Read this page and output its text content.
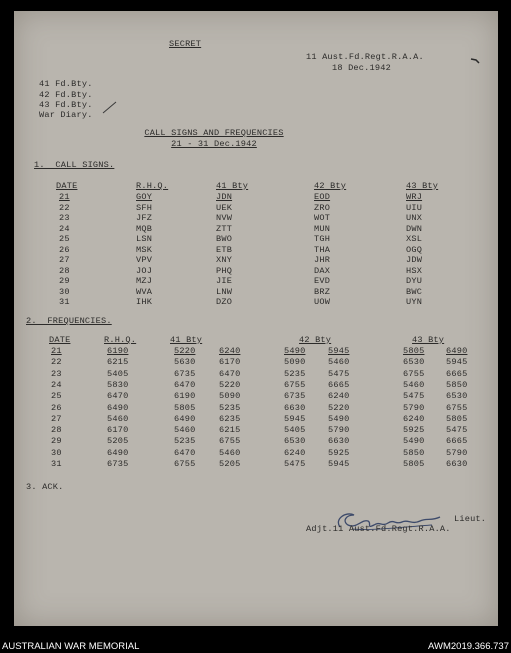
SECRET
11 Aust.Fd.Regt.R.A.A.
18 Dec.1942
41 Fd.Bty.
42 Fd.Bty.
43 Fd.Bty.
War Diary.
CALL SIGNS AND FREQUENCIES
21 - 31 Dec.1942
1.  CALL SIGNS.
2.  FREQUENCIES.
3. ACK.
Lieut.
Adjt.11 Aust.Fd.Regt.R.A.A.
DATE	R.H.Q.	41 Bty	42 Bty	43 Bty
21	GOY	JDN	EOD	WRJ
22	SFH	UEK	ZRO	UIU
23	JFZ	NVW	WOT	UNX
24	MQB	ZTT	MUN	DWN
25	LSN	BWO	TGH	XSL
26	MSK	ETB	THA	OGQ
27	VPV	XNY	JHR	JDW
28	JOJ	PHQ	DAX	HSX
29	MZJ	JIE	EVD	DYU
30	WVA	LNW	BRZ	BWC
31	IHK	DZO	UOW	UYN
DATE	R.H.Q.	41 Bty	42 Bty	43 Bty
21	6190	5220	6240	5490	5945	5805	6490
22	6215	5630	6170	5090	5460	6530	5945
23	5405	6735	6470	5235	5475	6755	6665
24	5830	6470	5220	6755	6665	5460	5850
25	6470	6190	5090	6735	6240	5475	6530
26	6490	5805	5235	6630	5220	5790	6755
27	5460	6490	6235	5945	5490	6240	5805
28	6170	5460	6215	5405	5790	5925	5475
29	5205	5235	6755	6530	6630	5490	6665
30	6490	6470	5460	6240	5925	5850	5790
31	6735	6755	5205	5475	5945	5805	6630
AUSTRALIAN WAR MEMORIAL	AWM2019.366.737
